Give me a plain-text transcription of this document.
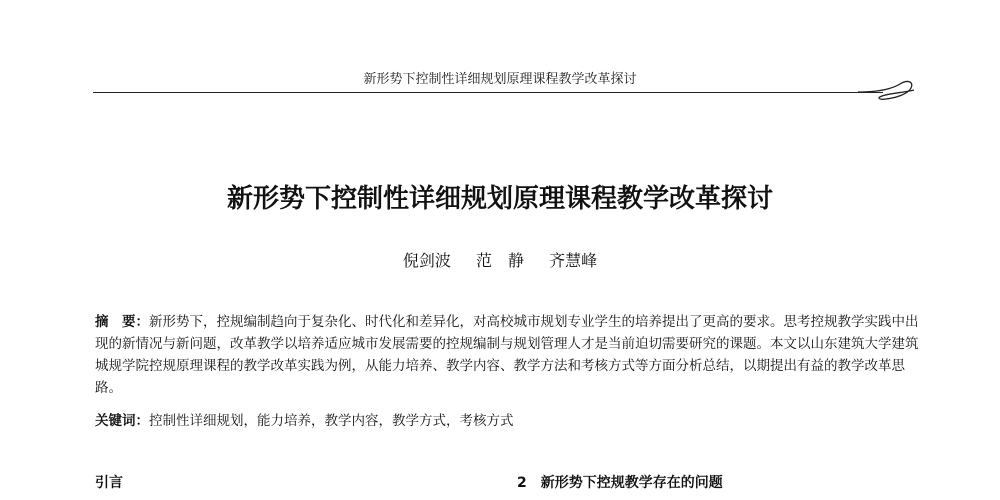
新形势下控制性详细规划原理课程教学改革探讨
新形势下控制性详细规划原理课程教学改革探讨
倪剑波 范　静 齐慧峰
摘　要：新形势下，控规编制趋向于复杂化、时代化和差异化，对高校城市规划专业学生的培养提出了更高的要求。思考控规教学实践中出现的新情况与新问题，改革教学以培养适应城市发展需要的控规编制与规划管理人才是当前迫切需要研究的课题。本文以山东建筑大学建筑城规学院控规原理课程的教学改革实践为例，从能力培养、教学内容、教学方法和考核方式等方面分析总结，以期提出有益的教学改革思路。
关键词：控制性详细规划，能力培养，教学内容，教学方式，考核方式
引言	2 新形势下控规教学存在的问题
